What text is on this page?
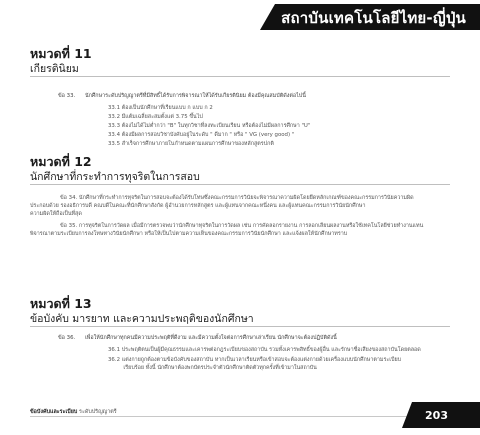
สถาบันเทคโนโลยีไทย-ญี่ปุ่น
หมวดที่ 11
เกียรตินิยม
ข้อ 33. นักศึกษาระดับปริญญาตรีที่มีสิทธิ์ได้รับการพิจารณาให้ได้รับเกียรตินิยม ต้องมีคุณสมบัติดังต่อไปนี้
33.1 ต้องเป็นนักศึกษาที่เรียนแบบ ก แบบ ก 2
33.2 มีแต้มเฉลี่ยสะสมตั้งแต่ 3.75 ขึ้นไป
33.3 ต้องไม่ได้ไม่ต่ำกว่า "B" ในทุกวิชาที่ลงทะเบียนเรียน หรือต้องไม่มีผลการศึกษา "U"
33.4 ต้องมีผลการสอบวิชาบังคับอยู่ในระดับ " ดีมาก " หรือ " VG (very good) "
33.5 สำเร็จการศึกษาภายในกำหนดตามแผนการศึกษาของหลักสูตรปกติ
หมวดที่ 12
นักศึกษาที่กระทำการทุจริตในการสอบ
ข้อ 34. นักศึกษาที่กระทำการทุจริตในการสอบจะต้องได้รับโทษซึ่งคณะกรรมการวินัยจะพิจารณาความผิดโดยยึดหลักเกณฑ์ของคณะกรรมการวินัยความผิด
ประกอบด้วย รองอธิการบดี คณบดีในคณะที่นักศึกษาสังกัด ผู้อำนวยการหลักสูตร และผู้แทนจากคณะหนึ่งคน และผู้แทนคณะกรรมการวินัยนักศึกษา
ความผิดให้ถือเป็นที่สุด
ข้อ 35. การทุจริตในการวัดผล เมื่อมีการตรวจพบว่านักศึกษาทุจริตในการวัดผล เช่น การคัดลอกรายงาน การลอกเลียนผลงานหรือใช้เทคโนโลยีช่วยทำงานแทน
พิจารณาตามระเบียบการลงโทษทางวินัยนักศึกษา หรือให้เป็นไปตามความเห็นของคณะกรรมการวินัยนักศึกษา และแจ้งผลให้นักศึกษาทราบ
หมวดที่ 13
ข้อบังคับ มารยาท และความประพฤติของนักศึกษา
ข้อ 36. เพื่อให้นักศึกษาทุกคนมีความประพฤติที่ดีงาม และมีความตั้งใจต่อการศึกษาเล่าเรียน นักศึกษาจะต้องปฏิบัติดังนี้
36.1 ประพฤติตนเป็นผู้มีคุณธรรมและเคารพต่อกฎระเบียบของสถาบัน รวมทั้งเคารพสิทธิ์ของผู้อื่น และรักษาชื่อเสียงของสถาบันโดยตลอด
36.2 แต่งกายถูกต้องตามข้อบังคับของสถาบัน หากเป็นเวลาเรียนหรือเข้าสอบจะต้องแต่งกายด้วยเครื่องแบบนักศึกษาตามระเบียบ
เรียบร้อย ทั้งนี้ นักศึกษาต้องพกบัตรประจำตัวนักศึกษาติดตัวทุกครั้งที่เข้ามาในสถาบัน
ข้อบังคับและระเบียบ ระดับปริญญาตรี	203
